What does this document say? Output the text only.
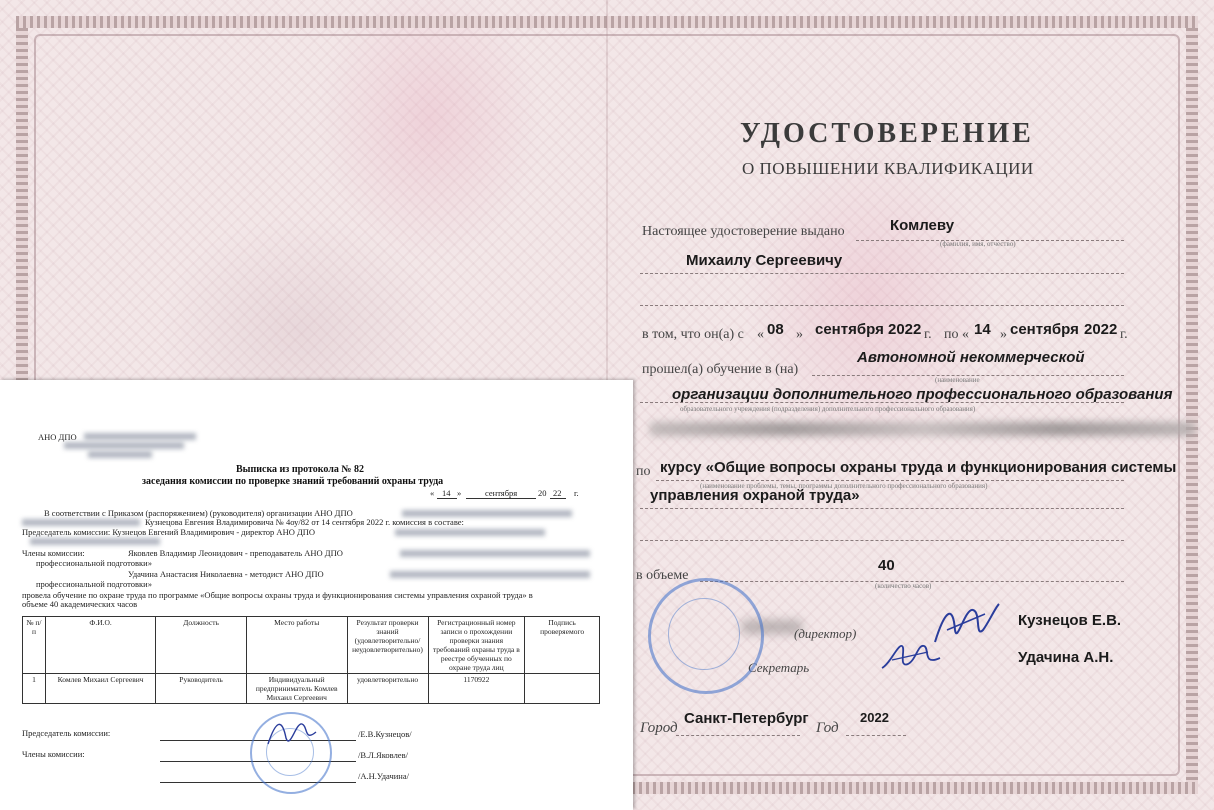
УДОСТОВЕРЕНИЕ
О ПОВЫШЕНИИ КВАЛИФИКАЦИИ
Настоящее удостоверение выдано	Комлеву
(фамилия, имя, отчество)
Михаилу Сергеевичу
в том, что он(а) с « 08 » сентября 2022 г. по « 14 » сентября 2022 г.
прошел(а) обучение в (на)
Автономной некоммерческой
(наименование
организации дополнительного профессионального образования
образовательного учреждения (подразделения) дополнительного профессионального образования)
по курсу «Общие вопросы охраны труда и функционирования системы
(наименование проблемы, темы, программы дополнительного профессионального образования)
управления охраной труда»
в объеме
40
(количество часов)
(директор)
Кузнецов Е.В.
Секретарь
Удачина А.Н.
Город
Санкт-Петербург
Год
2022
АНО ДПО
Выписка из протокола № 82
заседания комиссии по проверке знаний требований охраны труда
« 14 »	сентября 20 22 г.
В соответствии с Приказом (распоряжением) (руководителя) организации АНО ДПО
Кузнецова Евгения Владимировича № 4оу/82 от 14 сентября 2022 г. комиссия в составе:
Председатель комиссии: Кузнецов Евгений Владимирович - директор АНО ДПО
Члены комиссии:	Яковлев Владимир Леонидович - преподаватель АНО ДПО
профессиональной подготовки»
Удачина Анастасия Николаевна - методист АНО ДПО
профессиональной подготовки»
провела обучение по охране труда по программе «Общие вопросы охраны труда и функционирования системы управления охраной труда» в
объеме 40 академических часов
№ п/п	Ф.И.О.	Должность	Место работы	Результат проверки знаний (удовлетворительно/ неудовлетворительно)	Регистрационный номер записи о прохождении проверки знания требований охраны труда в реестре обученных по охране труда лиц	Подпись проверяемого
1	Комлев Михаил Сергеевич	Руководитель	Индивидуальный предприниматель Комлев Михаил Сергеевич	удовлетворительно	1170922	
Председатель комиссии:	/Е.В.Кузнецов/
Члены комиссии:	/В.Л.Яковлев/
/А.Н.Удачина/
